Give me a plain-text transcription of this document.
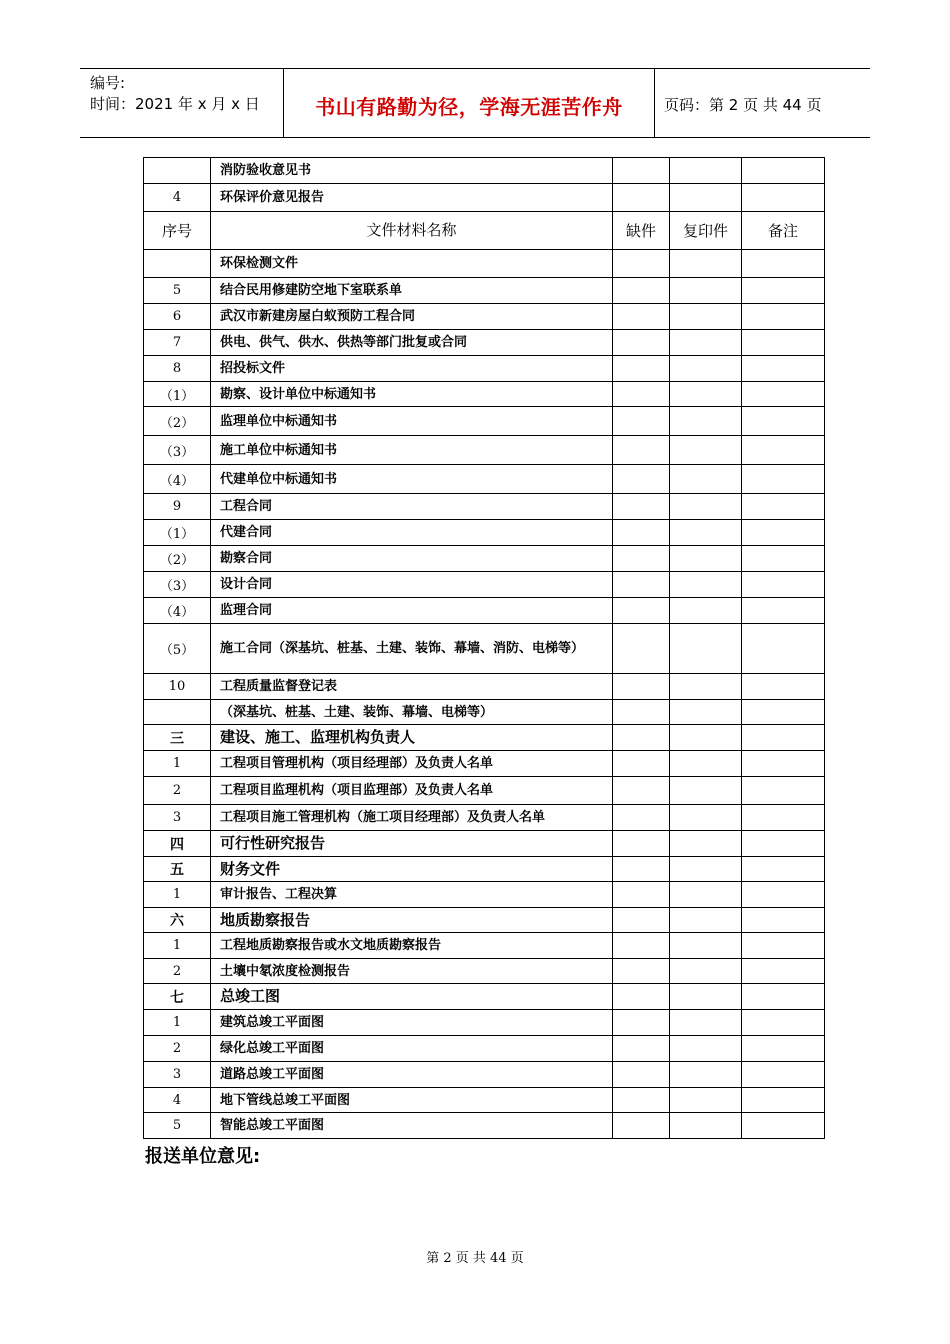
编号:
时间：2021 年 x 月 x 日	书山有路勤为径，学海无涯苦作舟	页码：第 2 页 共 44 页
	消防验收意见书			
4	环保评价意见报告			
序号	文件材料名称	缺件	复印件	备注
	环保检测文件			
5	结合民用修建防空地下室联系单			
6	武汉市新建房屋白蚁预防工程合同			
7	供电、供气、供水、供热等部门批复或合同			
8	招投标文件			
（1）	勘察、设计单位中标通知书			
（2）	监理单位中标通知书			
（3）	施工单位中标通知书			
（4）	代建单位中标通知书			
9	工程合同			
（1）	代建合同			
（2）	勘察合同			
（3）	设计合同			
（4）	监理合同			
（5）	施工合同（深基坑、桩基、土建、装饰、幕墙、消防、电梯等）			
10	工程质量监督登记表			
	（深基坑、桩基、土建、装饰、幕墙、电梯等）			
三	建设、施工、监理机构负责人			
1	工程项目管理机构（项目经理部）及负责人名单			
2	工程项目监理机构（项目监理部）及负责人名单			
3	工程项目施工管理机构（施工项目经理部）及负责人名单			
四	可行性研究报告			
五	财务文件			
1	审计报告、工程决算			
六	地质勘察报告			
1	工程地质勘察报告或水文地质勘察报告			
2	土壤中氡浓度检测报告			
七	总竣工图			
1	建筑总竣工平面图			
2	绿化总竣工平面图			
3	道路总竣工平面图			
4	地下管线总竣工平面图			
5	智能总竣工平面图			
报送单位意见:
第 2 页 共 44 页
